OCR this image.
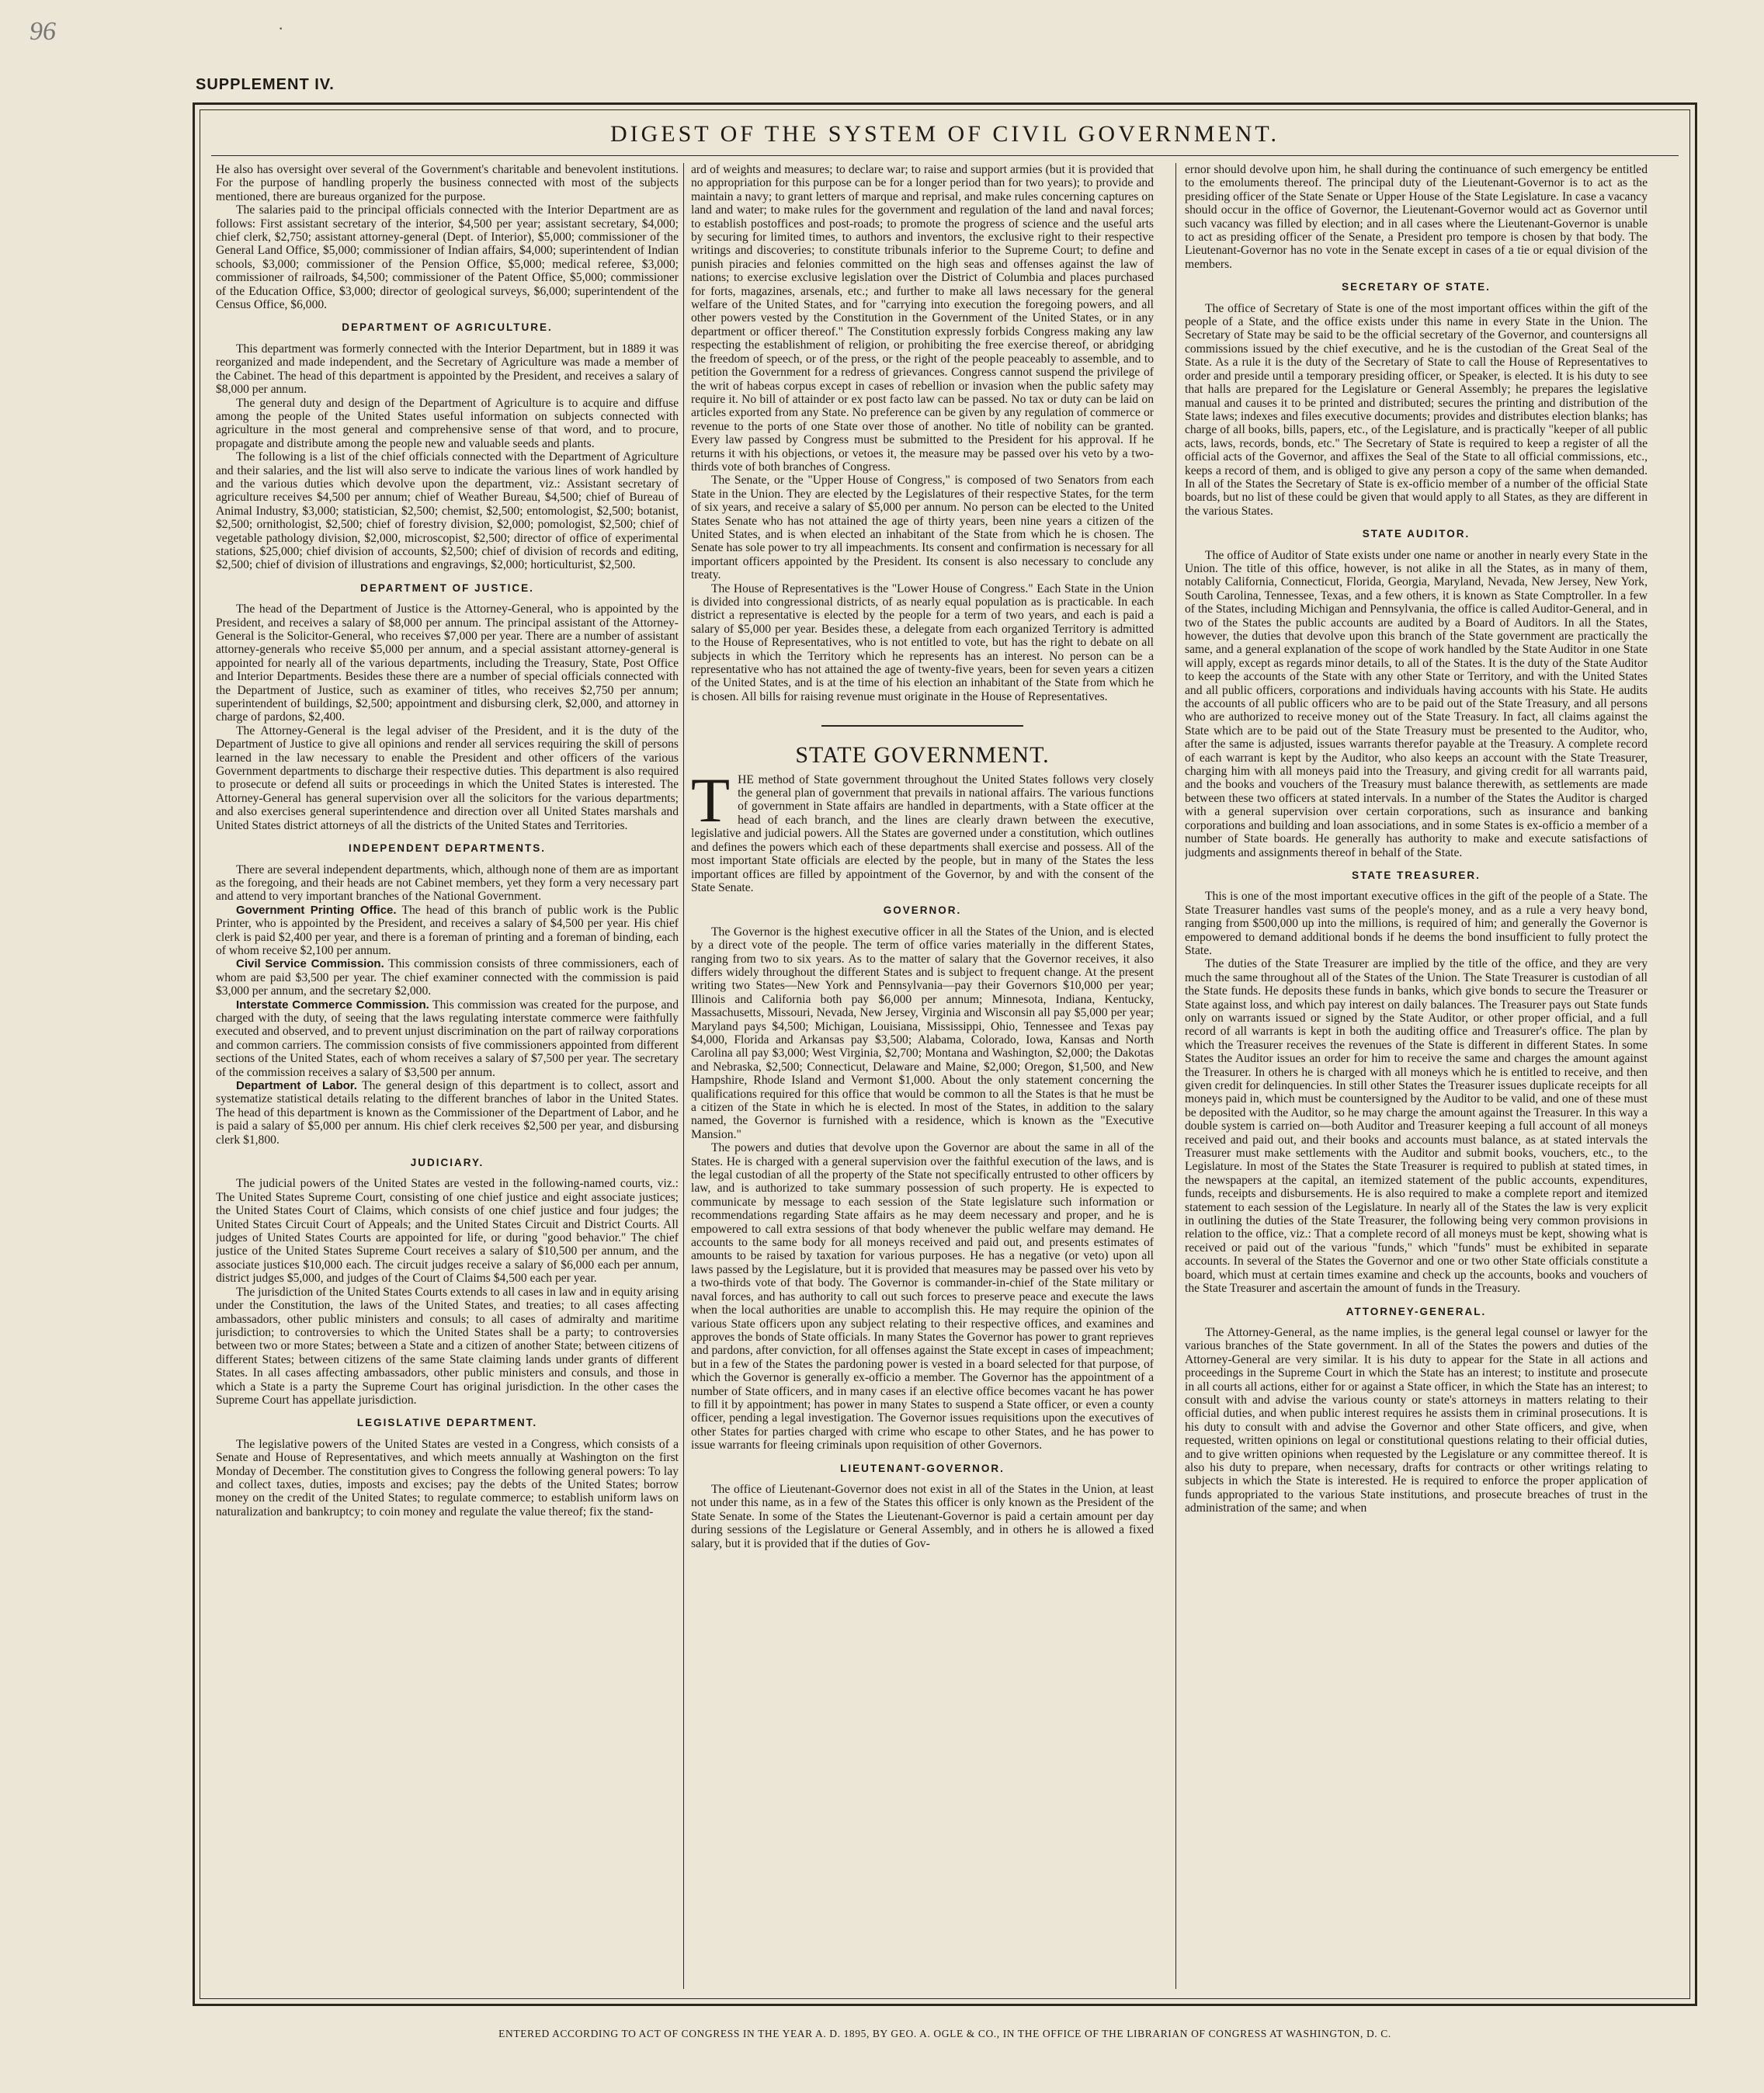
96	·
SUPPLEMENT IV.
DIGEST OF THE SYSTEM OF CIVIL GOVERNMENT.

He also has oversight over several of the Government's charitable and benevolent institutions. For the purpose of handling properly the business connected with most of the subjects mentioned, there are bureaus organized for the purpose.

The salaries paid to the principal officials connected with the Interior Department are as follows: First assistant secretary of the interior, $4,500 per year; assistant secretary, $4,000; chief clerk, $2,750; assistant attorney-general (Dept. of Interior), $5,000; commissioner of the General Land Office, $5,000; commissioner of Indian affairs, $4,000; superintendent of Indian schools, $3,000; commissioner of the Pension Office, $5,000; medical referee, $3,000; commissioner of railroads, $4,500; commissioner of the Patent Office, $5,000; commissioner of the Education Office, $3,000; director of geological surveys, $6,000; superintendent of the Census Office, $6,000.

DEPARTMENT OF AGRICULTURE.

This department was formerly connected with the Interior Department, but in 1889 it was reorganized and made independent, and the Secretary of Agriculture was made a member of the Cabinet. The head of this department is appointed by the President, and receives a salary of $8,000 per annum.

The general duty and design of the Department of Agriculture is to acquire and diffuse among the people of the United States useful information on subjects connected with agriculture in the most general and comprehensive sense of that word, and to procure, propagate and distribute among the people new and valuable seeds and plants.

The following is a list of the chief officials connected with the Department of Agriculture and their salaries, and the list will also serve to indicate the various lines of work handled by and the various duties which devolve upon the department, viz.: Assistant secretary of agriculture receives $4,500 per annum; chief of Weather Bureau, $4,500; chief of Bureau of Animal Industry, $3,000; statistician, $2,500; chemist, $2,500; entomologist, $2,500; botanist, $2,500; ornithologist, $2,500; chief of forestry division, $2,000; pomologist, $2,500; chief of vegetable pathology division, $2,000, microscopist, $2,500; director of office of experimental stations, $25,000; chief division of accounts, $2,500; chief of division of records and editing, $2,500; chief of division of illustrations and engravings, $2,000; horticulturist, $2,500.

DEPARTMENT OF JUSTICE.

The head of the Department of Justice is the Attorney-General, who is appointed by the President, and receives a salary of $8,000 per annum. The principal assistant of the Attorney-General is the Solicitor-General, who receives $7,000 per year. There are a number of assistant attorney-generals who receive $5,000 per annum, and a special assistant attorney-general is appointed for nearly all of the various departments, including the Treasury, State, Post Office and Interior Departments. Besides these there are a number of special officials connected with the Department of Justice, such as examiner of titles, who receives $2,750 per annum; superintendent of buildings, $2,500; appointment and disbursing clerk, $2,000, and attorney in charge of pardons, $2,400.

The Attorney-General is the legal adviser of the President, and it is the duty of the Department of Justice to give all opinions and render all services requiring the skill of persons learned in the law necessary to enable the President and other officers of the various Government departments to discharge their respective duties. This department is also required to prosecute or defend all suits or proceedings in which the United States is interested. The Attorney-General has general supervision over all the solicitors for the various departments; and also exercises general superintendence and direction over all United States marshals and United States district attorneys of all the districts of the United States and Territories.

INDEPENDENT DEPARTMENTS.

There are several independent departments, which, although none of them are as important as the foregoing, and their heads are not Cabinet members, yet they form a very necessary part and attend to very important branches of the National Government.

Government Printing Office. The head of this branch of public work is the Public Printer, who is appointed by the President, and receives a salary of $4,500 per year. His chief clerk is paid $2,400 per year, and there is a foreman of printing and a foreman of binding, each of whom receive $2,100 per annum.

Civil Service Commission. This commission consists of three commissioners, each of whom are paid $3,500 per year. The chief examiner connected with the commission is paid $3,000 per annum, and the secretary $2,000.

Interstate Commerce Commission. This commission was created for the purpose, and charged with the duty, of seeing that the laws regulating interstate commerce were faithfully executed and observed, and to prevent unjust discrimination on the part of railway corporations and common carriers. The commission consists of five commissioners appointed from different sections of the United States, each of whom receives a salary of $7,500 per year. The secretary of the commission receives a salary of $3,500 per annum.

Department of Labor. The general design of this department is to collect, assort and systematize statistical details relating to the different branches of labor in the United States. The head of this department is known as the Commissioner of the Department of Labor, and he is paid a salary of $5,000 per annum. His chief clerk receives $2,500 per year, and disbursing clerk $1,800.

JUDICIARY.

The judicial powers of the United States are vested in the following-named courts, viz.: The United States Supreme Court, consisting of one chief justice and eight associate justices; the United States Court of Claims, which consists of one chief justice and four judges; the United States Circuit Court of Appeals; and the United States Circuit and District Courts. All judges of United States Courts are appointed for life, or during "good behavior." The chief justice of the United States Supreme Court receives a salary of $10,500 per annum, and the associate justices $10,000 each. The circuit judges receive a salary of $6,000 each per annum, district judges $5,000, and judges of the Court of Claims $4,500 each per year.

The jurisdiction of the United States Courts extends to all cases in law and in equity arising under the Constitution, the laws of the United States, and treaties; to all cases affecting ambassadors, other public ministers and consuls; to all cases of admiralty and maritime jurisdiction; to controversies to which the United States shall be a party; to controversies between two or more States; between a State and a citizen of another State; between citizens of different States; between citizens of the same State claiming lands under grants of different States. In all cases affecting ambassadors, other public ministers and consuls, and those in which a State is a party the Supreme Court has original jurisdiction. In the other cases the Supreme Court has appellate jurisdiction.

LEGISLATIVE DEPARTMENT.

The legislative powers of the United States are vested in a Congress, which consists of a Senate and House of Representatives, and which meets annually at Washington on the first Monday of December. The constitution gives to Congress the following general powers: To lay and collect taxes, duties, imposts and excises; pay the debts of the United States; borrow money on the credit of the United States; to regulate commerce; to establish uniform laws on naturalization and bankruptcy; to coin money and regulate the value thereof; fix the stand-

ard of weights and measures; to declare war; to raise and support armies (but it is provided that no appropriation for this purpose can be for a longer period than for two years); to provide and maintain a navy; to grant letters of marque and reprisal, and make rules concerning captures on land and water; to make rules for the government and regulation of the land and naval forces; to establish postoffices and post-roads; to promote the progress of science and the useful arts by securing for limited times, to authors and inventors, the exclusive right to their respective writings and discoveries; to constitute tribunals inferior to the Supreme Court; to define and punish piracies and felonies committed on the high seas and offenses against the law of nations; to exercise exclusive legislation over the District of Columbia and places purchased for forts, magazines, arsenals, etc.; and further to make all laws necessary for the general welfare of the United States, and for "carrying into execution the foregoing powers, and all other powers vested by the Constitution in the Government of the United States, or in any department or officer thereof." The Constitution expressly forbids Congress making any law respecting the establishment of religion, or prohibiting the free exercise thereof, or abridging the freedom of speech, or of the press, or the right of the people peaceably to assemble, and to petition the Government for a redress of grievances. Congress cannot suspend the privilege of the writ of habeas corpus except in cases of rebellion or invasion when the public safety may require it. No bill of attainder or ex post facto law can be passed. No tax or duty can be laid on articles exported from any State. No preference can be given by any regulation of commerce or revenue to the ports of one State over those of another. No title of nobility can be granted. Every law passed by Congress must be submitted to the President for his approval. If he returns it with his objections, or vetoes it, the measure may be passed over his veto by a two-thirds vote of both branches of Congress.

The Senate, or the "Upper House of Congress," is composed of two Senators from each State in the Union. They are elected by the Legislatures of their respective States, for the term of six years, and receive a salary of $5,000 per annum. No person can be elected to the United States Senate who has not attained the age of thirty years, been nine years a citizen of the United States, and is when elected an inhabitant of the State from which he is chosen. The Senate has sole power to try all impeachments. Its consent and confirmation is necessary for all important officers appointed by the President. Its consent is also necessary to conclude any treaty.

The House of Representatives is the "Lower House of Congress." Each State in the Union is divided into congressional districts, of as nearly equal population as is practicable. In each district a representative is elected by the people for a term of two years, and each is paid a salary of $5,000 per year. Besides these, a delegate from each organized Territory is admitted to the House of Representatives, who is not entitled to vote, but has the right to debate on all subjects in which the Territory which he represents has an interest. No person can be a representative who has not attained the age of twenty-five years, been for seven years a citizen of the United States, and is at the time of his election an inhabitant of the State from which he is chosen. All bills for raising revenue must originate in the House of Representatives.

STATE GOVERNMENT.

THE method of State government throughout the United States follows very closely the general plan of government that prevails in national affairs. The various functions of government in State affairs are handled in departments, with a State officer at the head of each branch, and the lines are clearly drawn between the executive, legislative and judicial powers. All the States are governed under a constitution, which outlines and defines the powers which each of these departments shall exercise and possess. All of the most important State officials are elected by the people, but in many of the States the less important offices are filled by appointment of the Governor, by and with the consent of the State Senate.

GOVERNOR.

The Governor is the highest executive officer in all the States of the Union, and is elected by a direct vote of the people. The term of office varies materially in the different States, ranging from two to six years. As to the matter of salary that the Governor receives, it also differs widely throughout the different States and is subject to frequent change. At the present writing two States—New York and Pennsylvania—pay their Governors $10,000 per year; Illinois and California both pay $6,000 per annum; Minnesota, Indiana, Kentucky, Massachusetts, Missouri, Nevada, New Jersey, Virginia and Wisconsin all pay $5,000 per year; Maryland pays $4,500; Michigan, Louisiana, Mississippi, Ohio, Tennessee and Texas pay $4,000, Florida and Arkansas pay $3,500; Alabama, Colorado, Iowa, Kansas and North Carolina all pay $3,000; West Virginia, $2,700; Montana and Washington, $2,000; the Dakotas and Nebraska, $2,500; Connecticut, Delaware and Maine, $2,000; Oregon, $1,500, and New Hampshire, Rhode Island and Vermont $1,000. About the only statement concerning the qualifications required for this office that would be common to all the States is that he must be a citizen of the State in which he is elected. In most of the States, in addition to the salary named, the Governor is furnished with a residence, which is known as the "Executive Mansion."

The powers and duties that devolve upon the Governor are about the same in all of the States. He is charged with a general supervision over the faithful execution of the laws, and is the legal custodian of all the property of the State not specifically entrusted to other officers by law, and is authorized to take summary possession of such property. He is expected to communicate by message to each session of the State legislature such information or recommendations regarding State affairs as he may deem necessary and proper, and he is empowered to call extra sessions of that body whenever the public welfare may demand. He accounts to the same body for all moneys received and paid out, and presents estimates of amounts to be raised by taxation for various purposes. He has a negative (or veto) upon all laws passed by the Legislature, but it is provided that measures may be passed over his veto by a two-thirds vote of that body. The Governor is commander-in-chief of the State military or naval forces, and has authority to call out such forces to preserve peace and execute the laws when the local authorities are unable to accomplish this. He may require the opinion of the various State officers upon any subject relating to their respective offices, and examines and approves the bonds of State officials. In many States the Governor has power to grant reprieves and pardons, after conviction, for all offenses against the State except in cases of impeachment; but in a few of the States the pardoning power is vested in a board selected for that purpose, of which the Governor is generally ex-officio a member. The Governor has the appointment of a number of State officers, and in many cases if an elective office becomes vacant he has power to fill it by appointment; has power in many States to suspend a State officer, or even a county officer, pending a legal investigation. The Governor issues requisitions upon the executives of other States for parties charged with crime who escape to other States, and he has power to issue warrants for fleeing criminals upon requisition of other Governors.

LIEUTENANT-GOVERNOR.

The office of Lieutenant-Governor does not exist in all of the States in the Union, at least not under this name, as in a few of the States this officer is only known as the President of the State Senate. In some of the States the Lieutenant-Governor is paid a certain amount per day during sessions of the Legislature or General Assembly, and in others he is allowed a fixed salary, but it is provided that if the duties of Gov-

ernor should devolve upon him, he shall during the continuance of such emergency be entitled to the emoluments thereof. The principal duty of the Lieutenant-Governor is to act as the presiding officer of the State Senate or Upper House of the State Legislature. In case a vacancy should occur in the office of Governor, the Lieutenant-Governor would act as Governor until such vacancy was filled by election; and in all cases where the Lieutenant-Governor is unable to act as presiding officer of the Senate, a President pro tempore is chosen by that body. The Lieutenant-Governor has no vote in the Senate except in cases of a tie or equal division of the members.

SECRETARY OF STATE.

The office of Secretary of State is one of the most important offices within the gift of the people of a State, and the office exists under this name in every State in the Union. The Secretary of State may be said to be the official secretary of the Governor, and countersigns all commissions issued by the chief executive, and he is the custodian of the Great Seal of the State. As a rule it is the duty of the Secretary of State to call the House of Representatives to order and preside until a temporary presiding officer, or Speaker, is elected. It is his duty to see that halls are prepared for the Legislature or General Assembly; he prepares the legislative manual and causes it to be printed and distributed; secures the printing and distribution of the State laws; indexes and files executive documents; provides and distributes election blanks; has charge of all books, bills, papers, etc., of the Legislature, and is practically "keeper of all public acts, laws, records, bonds, etc." The Secretary of State is required to keep a register of all the official acts of the Governor, and affixes the Seal of the State to all official commissions, etc., keeps a record of them, and is obliged to give any person a copy of the same when demanded. In all of the States the Secretary of State is ex-officio member of a number of the official State boards, but no list of these could be given that would apply to all States, as they are different in the various States.

STATE AUDITOR.

The office of Auditor of State exists under one name or another in nearly every State in the Union. The title of this office, however, is not alike in all the States, as in many of them, notably California, Connecticut, Florida, Georgia, Maryland, Nevada, New Jersey, New York, South Carolina, Tennessee, Texas, and a few others, it is known as State Comptroller. In a few of the States, including Michigan and Pennsylvania, the office is called Auditor-General, and in two of the States the public accounts are audited by a Board of Auditors. In all the States, however, the duties that devolve upon this branch of the State government are practically the same, and a general explanation of the scope of work handled by the State Auditor in one State will apply, except as regards minor details, to all of the States. It is the duty of the State Auditor to keep the accounts of the State with any other State or Territory, and with the United States and all public officers, corporations and individuals having accounts with his State. He audits the accounts of all public officers who are to be paid out of the State Treasury, and all persons who are authorized to receive money out of the State Treasury. In fact, all claims against the State which are to be paid out of the State Treasury must be presented to the Auditor, who, after the same is adjusted, issues warrants therefor payable at the Treasury. A complete record of each warrant is kept by the Auditor, who also keeps an account with the State Treasurer, charging him with all moneys paid into the Treasury, and giving credit for all warrants paid, and the books and vouchers of the Treasury must balance therewith, as settlements are made between these two officers at stated intervals. In a number of the States the Auditor is charged with a general supervision over certain corporations, such as insurance and banking corporations and building and loan associations, and in some States is ex-officio a member of a number of State boards. He generally has authority to make and execute satisfactions of judgments and assignments thereof in behalf of the State.

STATE TREASURER.

This is one of the most important executive offices in the gift of the people of a State. The State Treasurer handles vast sums of the people's money, and as a rule a very heavy bond, ranging from $500,000 up into the millions, is required of him; and generally the Governor is empowered to demand additional bonds if he deems the bond insufficient to fully protect the State.

The duties of the State Treasurer are implied by the title of the office, and they are very much the same throughout all of the States of the Union. The State Treasurer is custodian of all the State funds. He deposits these funds in banks, which give bonds to secure the Treasurer or State against loss, and which pay interest on daily balances. The Treasurer pays out State funds only on warrants issued or signed by the State Auditor, or other proper official, and a full record of all warrants is kept in both the auditing office and Treasurer's office. The plan by which the Treasurer receives the revenues of the State is different in different States. In some States the Auditor issues an order for him to receive the same and charges the amount against the Treasurer. In others he is charged with all moneys which he is entitled to receive, and then given credit for delinquencies. In still other States the Treasurer issues duplicate receipts for all moneys paid in, which must be countersigned by the Auditor to be valid, and one of these must be deposited with the Auditor, so he may charge the amount against the Treasurer. In this way a double system is carried on—both Auditor and Treasurer keeping a full account of all moneys received and paid out, and their books and accounts must balance, as at stated intervals the Treasurer must make settlements with the Auditor and submit books, vouchers, etc., to the Legislature. In most of the States the State Treasurer is required to publish at stated times, in the newspapers at the capital, an itemized statement of the public accounts, expenditures, funds, receipts and disbursements. He is also required to make a complete report and itemized statement to each session of the Legislature. In nearly all of the States the law is very explicit in outlining the duties of the State Treasurer, the following being very common provisions in relation to the office, viz.: That a complete record of all moneys must be kept, showing what is received or paid out of the various "funds," which "funds" must be exhibited in separate accounts. In several of the States the Governor and one or two other State officials constitute a board, which must at certain times examine and check up the accounts, books and vouchers of the State Treasurer and ascertain the amount of funds in the Treasury.

ATTORNEY-GENERAL.

The Attorney-General, as the name implies, is the general legal counsel or lawyer for the various branches of the State government. In all of the States the powers and duties of the Attorney-General are very similar. It is his duty to appear for the State in all actions and proceedings in the Supreme Court in which the State has an interest; to institute and prosecute in all courts all actions, either for or against a State officer, in which the State has an interest; to consult with and advise the various county or state's attorneys in matters relating to their official duties, and when public interest requires he assists them in criminal prosecutions. It is his duty to consult with and advise the Governor and other State officers, and give, when requested, written opinions on legal or constitutional questions relating to their official duties, and to give written opinions when requested by the Legislature or any committee thereof. It is also his duty to prepare, when necessary, drafts for contracts or other writings relating to subjects in which the State is interested. He is required to enforce the proper application of funds appropriated to the various State institutions, and prosecute breaches of trust in the administration of the same; and when

ENTERED ACCORDING TO ACT OF CONGRESS IN THE YEAR A. D. 1895, BY GEO. A. OGLE & CO., IN THE OFFICE OF THE LIBRARIAN OF CONGRESS AT WASHINGTON, D. C.
